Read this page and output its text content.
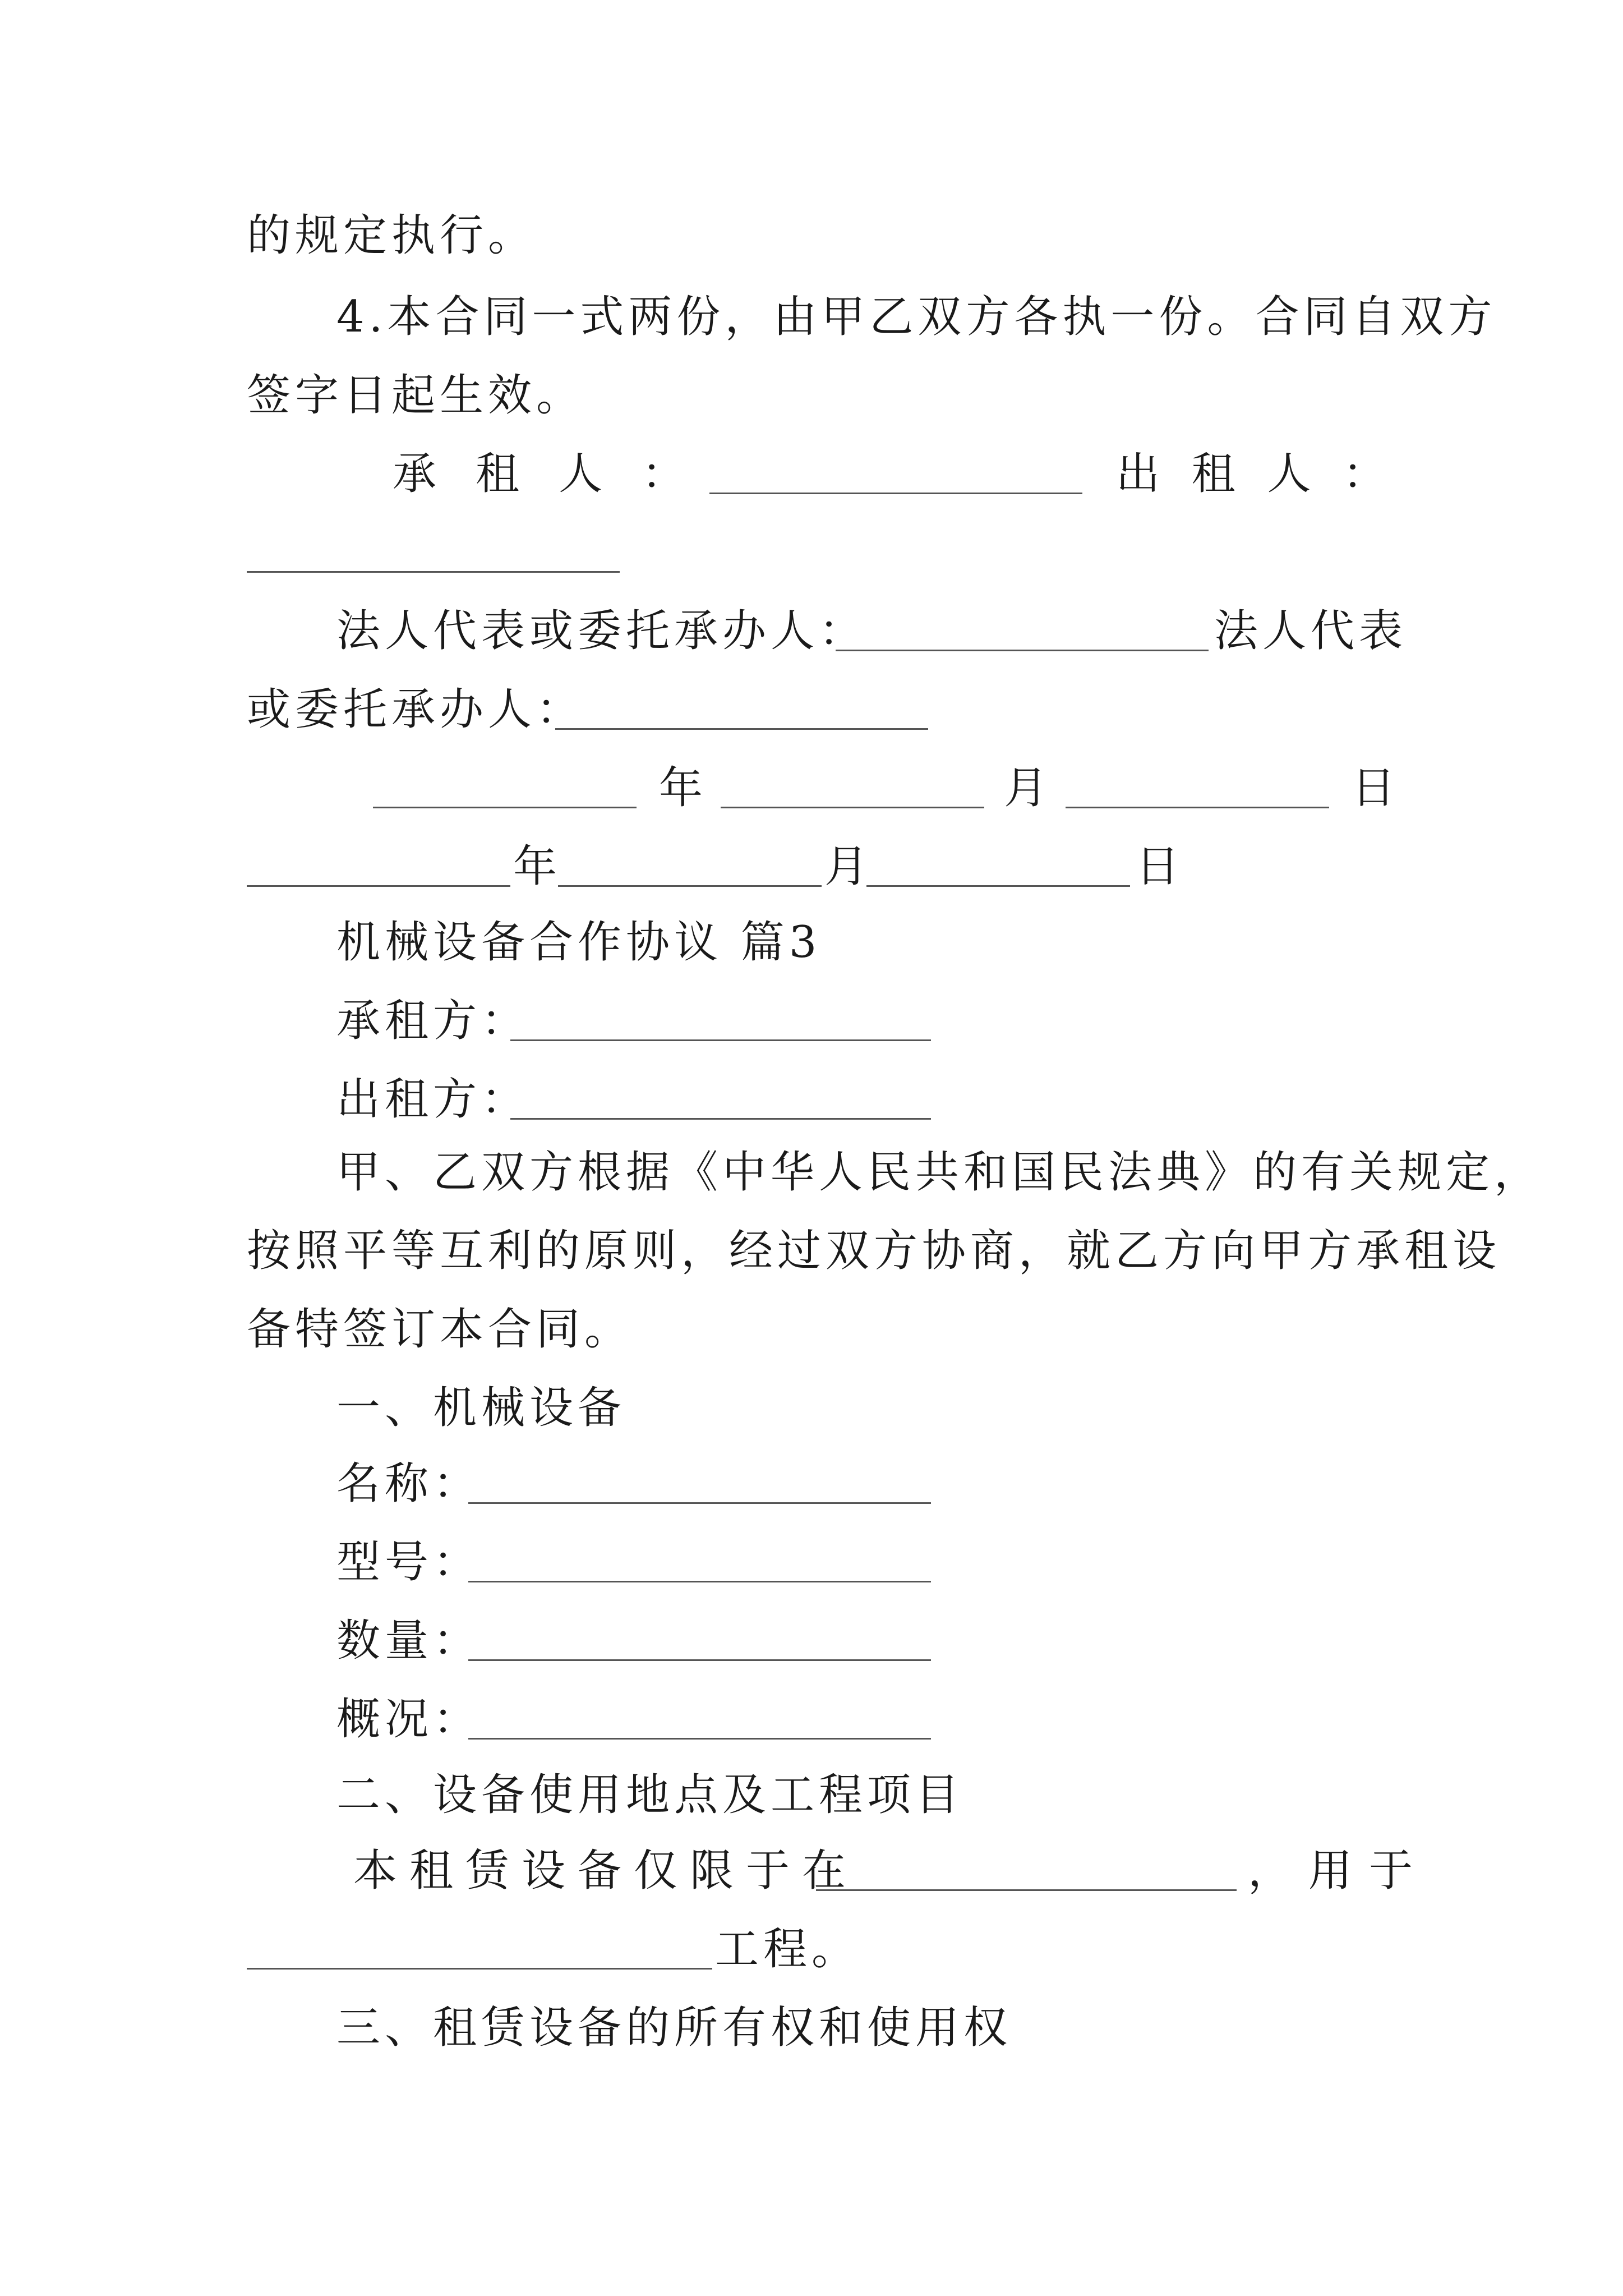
的规定执行。
4.本合同一式两份，由甲乙双方各执一份。合同自双方
签字日起生效。
承 租 人 ：	出 租 人 ：
法人代表或委托承办人：	法人代表
或委托承办人：
年	月	日
年	月	日
机械设备合作协议 篇3
承租方：
出租方：
甲、乙双方根据《中华人民共和国民法典》的有关规定，
按照平等互利的原则，经过双方协商，就乙方向甲方承租设
备特签订本合同。
一、机械设备
名称：
型号：
数量：
概况：
二、设备使用地点及工程项目
本租赁设备仅限于在	，用于
工程。
三、租赁设备的所有权和使用权
